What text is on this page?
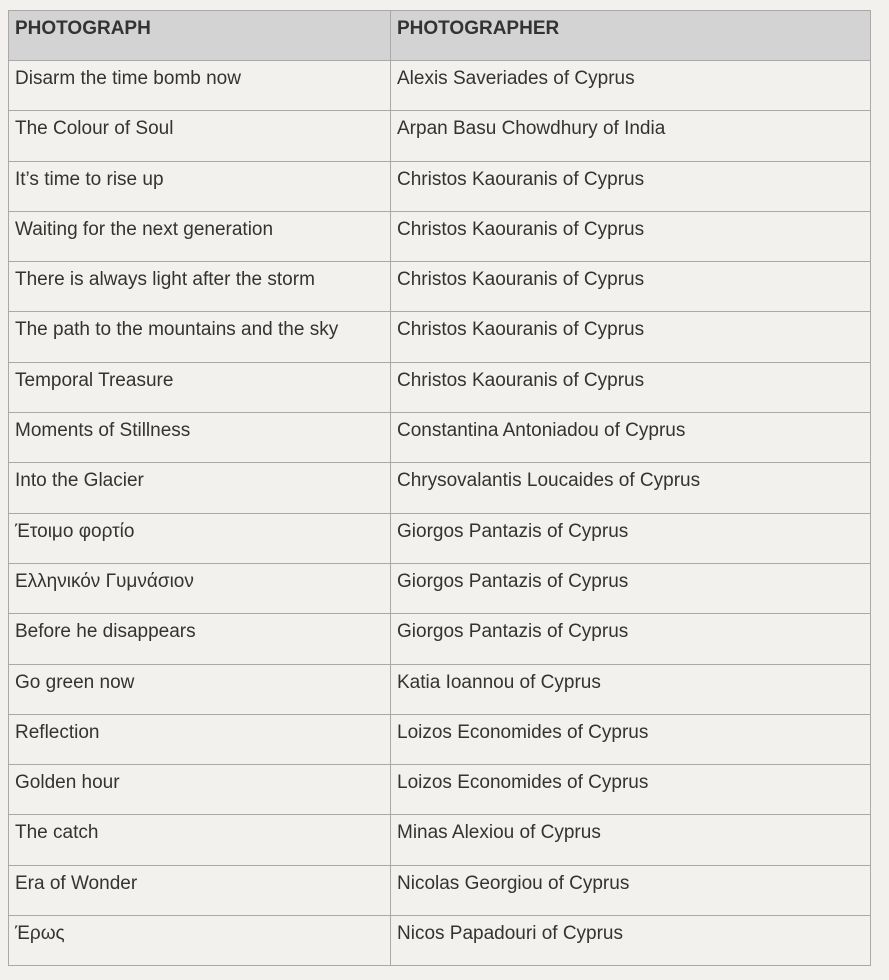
PHOTOGRAPH	PHOTOGRAPHER
Disarm the time bomb now	Alexis Saveriades of Cyprus
The Colour of Soul	Arpan Basu Chowdhury of India
It’s time to rise up	Christos Kaouranis of Cyprus
Waiting for the next generation	Christos Kaouranis of Cyprus
There is always light after the storm	Christos Kaouranis of Cyprus
The path to the mountains and the sky	Christos Kaouranis of Cyprus
Temporal Treasure	Christos Kaouranis of Cyprus
Moments of Stillness	Constantina Antoniadou of Cyprus
Into the Glacier	Chrysovalantis Loucaides of Cyprus
Έτοιμο φορτίο	Giorgos Pantazis of Cyprus
Ελληνικόν Γυμνάσιον	Giorgos Pantazis of Cyprus
Before he disappears	Giorgos Pantazis of Cyprus
Go green now	Katia Ioannou of Cyprus
Reflection	Loizos Economides of Cyprus
Golden hour	Loizos Economides of Cyprus
The catch	Minas Alexiou of Cyprus
Era of Wonder	Nicolas Georgiou of Cyprus
Έρως	Nicos Papadouri of Cyprus
